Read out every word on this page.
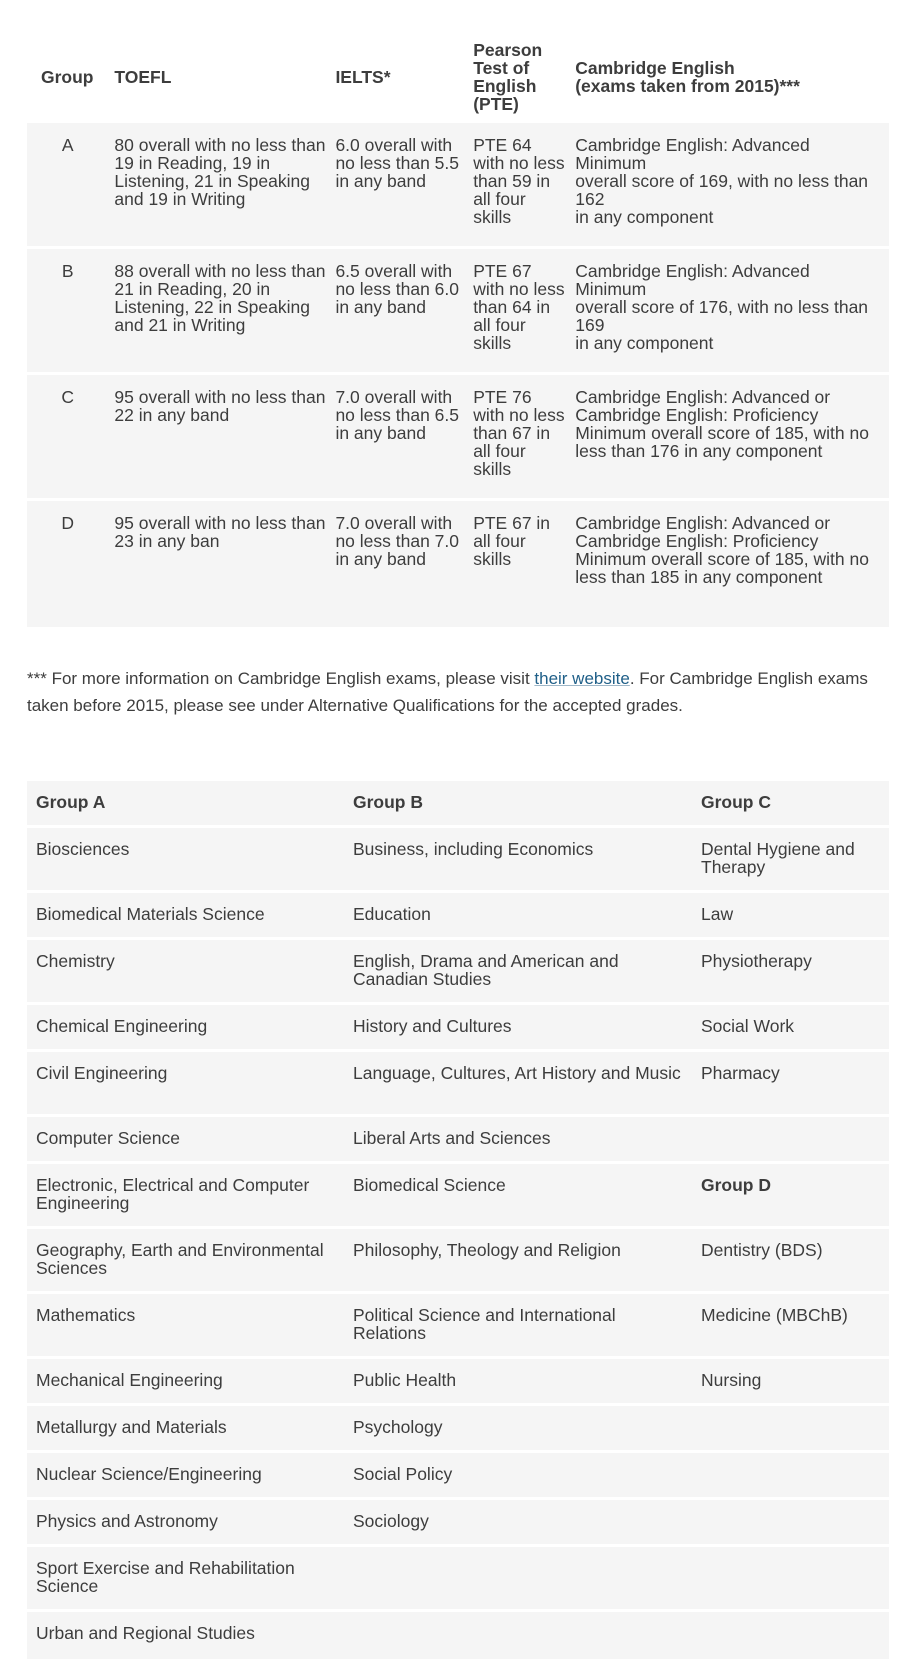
Group	TOEFL	IELTS*	Pearson
Test of
English
(PTE)	Cambridge English
(exams taken from 2015)***
A	80 overall with no less than 19 in Reading, 19 in Listening, 21 in Speaking and 19 in Writing	6.0 overall with no less than 5.5 in any band	PTE 64 with no less than 59 in all four skills	Cambridge English: Advanced
Minimum
overall score of 169, with no less than 162
in any component
B	88 overall with no less than 21 in Reading, 20 in Listening, 22 in Speaking and 21 in Writing	6.5 overall with no less than 6.0 in any band	PTE 67 with no less than 64 in all four skills	Cambridge English: Advanced
Minimum
overall score of 176, with no less than 169
in any component
C	95 overall with no less than 22 in any band	7.0 overall with no less than 6.5 in any band	PTE 76 with no less than 67 in all four skills	Cambridge English: Advanced or Cambridge English: Proficiency
Minimum overall score of 185, with no less than 176 in any component
D	95 overall with no less than 23 in any ban	7.0 overall with no less than 7.0 in any band	PTE 67 in all four skills	Cambridge English: Advanced or Cambridge English: Proficiency
Minimum overall score of 185, with no less than 185 in any component

*** For more information on Cambridge English exams, please visit their website. For Cambridge English exams taken before 2015, please see under Alternative Qualifications for the accepted grades.

Group A	Group B	Group C
Biosciences	Business, including Economics	Dental Hygiene and Therapy
Biomedical Materials Science	Education	Law
Chemistry	English, Drama and American and Canadian Studies	Physiotherapy
Chemical Engineering	History and Cultures	Social Work
Civil Engineering	Language, Cultures, Art History and Music	Pharmacy
Computer Science	Liberal Arts and Sciences	
Electronic, Electrical and Computer Engineering	Biomedical Science	Group D
Geography, Earth and Environmental Sciences	Philosophy, Theology and Religion	Dentistry (BDS)
Mathematics	Political Science and International Relations	Medicine (MBChB)
Mechanical Engineering	Public Health	Nursing
Metallurgy and Materials	Psychology	
Nuclear Science/Engineering	Social Policy	
Physics and Astronomy	Sociology	
Sport Exercise and Rehabilitation Science		
Urban and Regional Studies		
